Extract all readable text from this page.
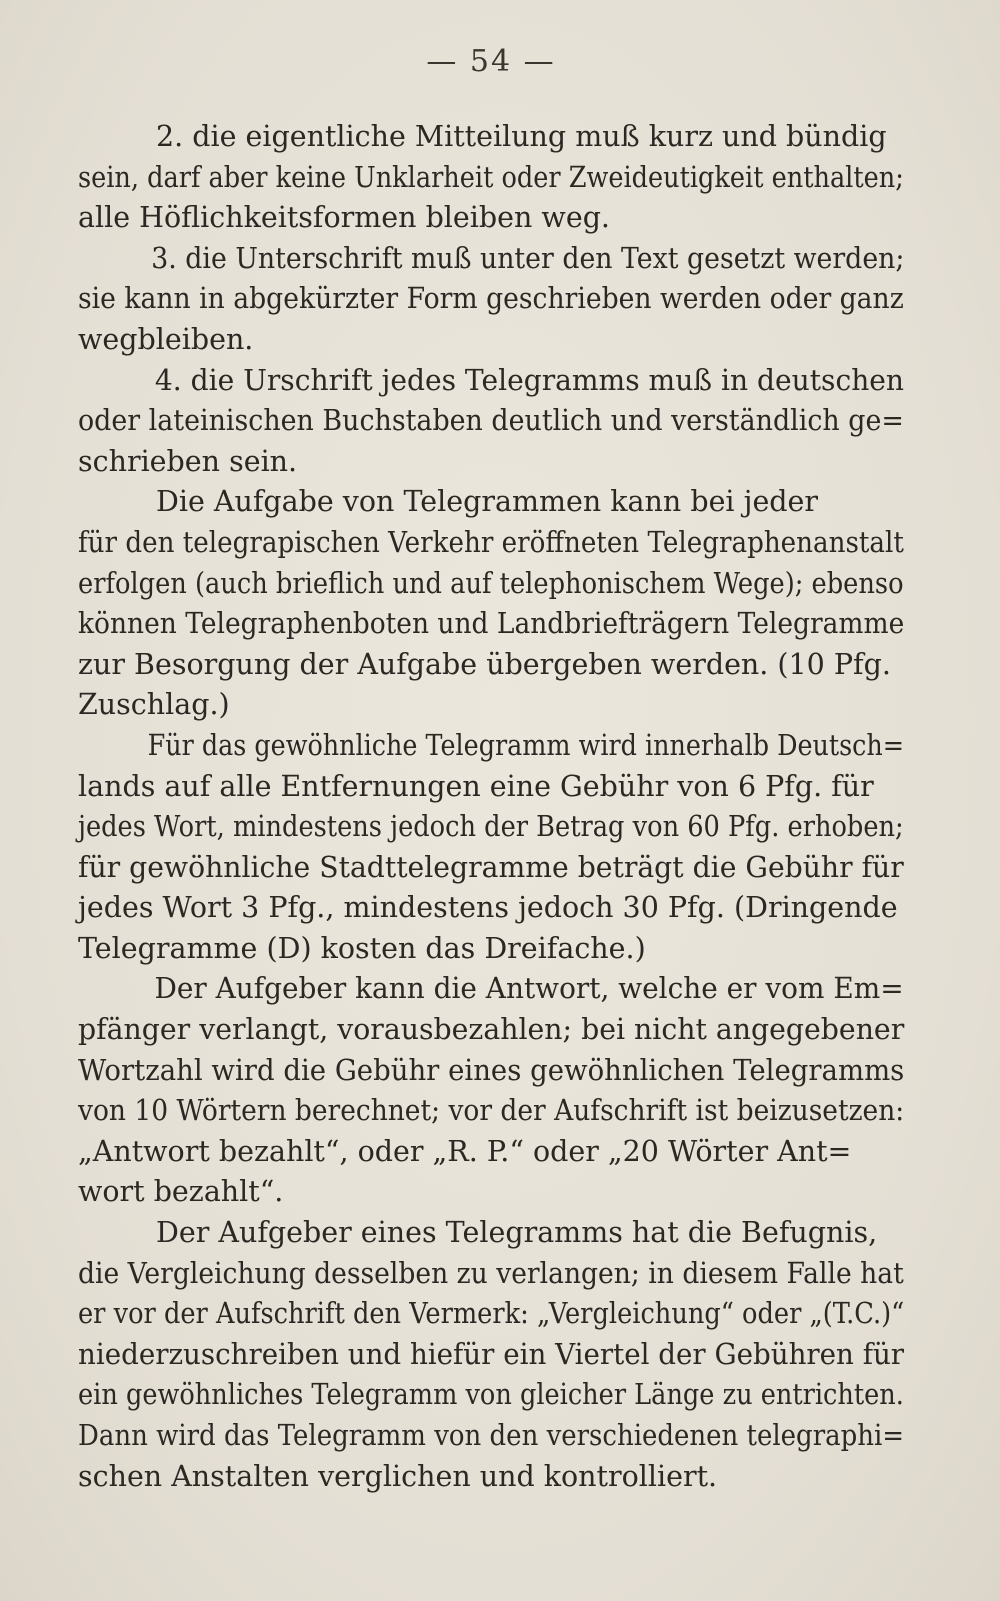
— 54 —
2. die eigentliche Mitteilung muß kurz und bündig
sein, darf aber keine Unklarheit oder Zweideutigkeit enthalten;
alle Höflichkeitsformen bleiben weg.
3. die Unterschrift muß unter den Text gesetzt werden;
sie kann in abgekürzter Form geschrieben werden oder ganz
wegbleiben.
4. die Urschrift jedes Telegramms muß in deutschen
oder lateinischen Buchstaben deutlich und verständlich ge=
schrieben sein.
Die Aufgabe von Telegrammen kann bei jeder
für den telegrapischen Verkehr eröffneten Telegraphenanstalt
erfolgen (auch brieflich und auf telephonischem Wege); ebenso
können Telegraphenboten und Landbriefträgern Telegramme
zur Besorgung der Aufgabe übergeben werden. (10 Pfg.
Zuschlag.)
Für das gewöhnliche Telegramm wird innerhalb Deutsch=
lands auf alle Entfernungen eine Gebühr von 6 Pfg. für
jedes Wort, mindestens jedoch der Betrag von 60 Pfg. erhoben;
für gewöhnliche Stadttelegramme beträgt die Gebühr für
jedes Wort 3 Pfg., mindestens jedoch 30 Pfg. (Dringende
Telegramme (D) kosten das Dreifache.)
Der Aufgeber kann die Antwort, welche er vom Em=
pfänger verlangt, vorausbezahlen; bei nicht angegebener
Wortzahl wird die Gebühr eines gewöhnlichen Telegramms
von 10 Wörtern berechnet; vor der Aufschrift ist beizusetzen:
„Antwort bezahlt“, oder „R. P.“ oder „20 Wörter Ant=
wort bezahlt“.
Der Aufgeber eines Telegramms hat die Befugnis,
die Vergleichung desselben zu verlangen; in diesem Falle hat
er vor der Aufschrift den Vermerk: „Vergleichung“ oder „(T.C.)“
niederzuschreiben und hiefür ein Viertel der Gebühren für
ein gewöhnliches Telegramm von gleicher Länge zu entrichten.
Dann wird das Telegramm von den verschiedenen telegraphi=
schen Anstalten verglichen und kontrolliert.
